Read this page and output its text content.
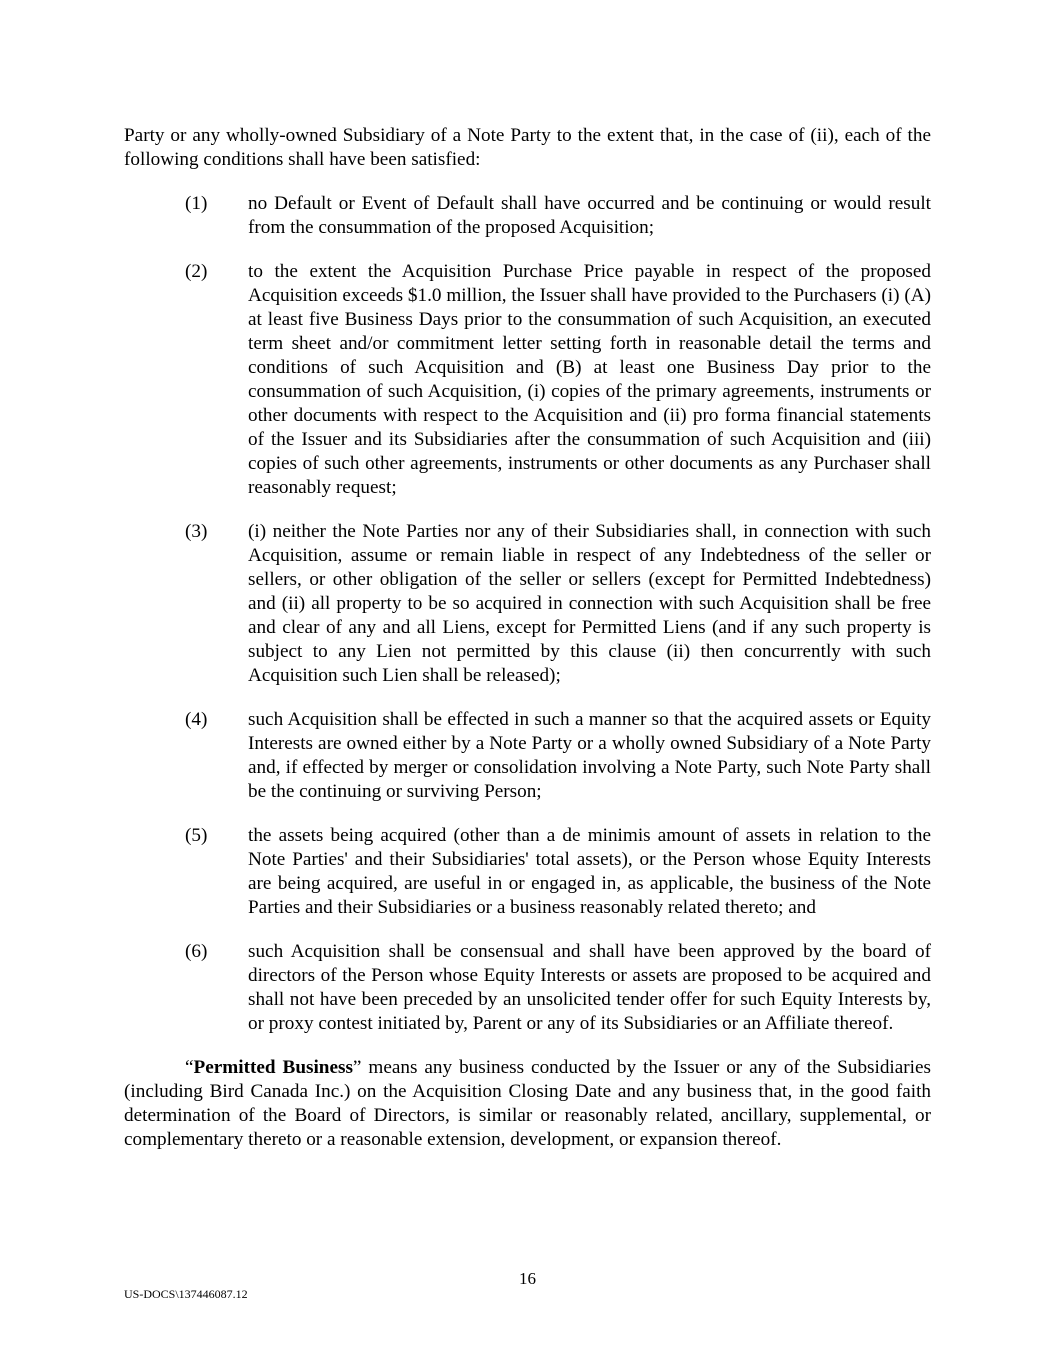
Party or any wholly-owned Subsidiary of a Note Party to the extent that, in the case of (ii), each of the following conditions shall have been satisfied:

(1)	no Default or Event of Default shall have occurred and be continuing or would result from the consummation of the proposed Acquisition;
(2)	to the extent the Acquisition Purchase Price payable in respect of the proposed Acquisition exceeds $1.0 million, the Issuer shall have provided to the Purchasers (i) (A) at least five Business Days prior to the consummation of such Acquisition, an executed term sheet and/or commitment letter setting forth in reasonable detail the terms and conditions of such Acquisition and (B) at least one Business Day prior to the consummation of such Acquisition, (i) copies of the primary agreements, instruments or other documents with respect to the Acquisition and (ii) pro forma financial statements of the Issuer and its Subsidiaries after the consummation of such Acquisition and (iii) copies of such other agreements, instruments or other documents as any Purchaser shall reasonably request;
(3)	(i) neither the Note Parties nor any of their Subsidiaries shall, in connection with such Acquisition, assume or remain liable in respect of any Indebtedness of the seller or sellers, or other obligation of the seller or sellers (except for Permitted Indebtedness) and (ii) all property to be so acquired in connection with such Acquisition shall be free and clear of any and all Liens, except for Permitted Liens (and if any such property is subject to any Lien not permitted by this clause (ii) then concurrently with such Acquisition such Lien shall be released);
(4)	such Acquisition shall be effected in such a manner so that the acquired assets or Equity Interests are owned either by a Note Party or a wholly owned Subsidiary of a Note Party and, if effected by merger or consolidation involving a Note Party, such Note Party shall be the continuing or surviving Person;
(5)	the assets being acquired (other than a de minimis amount of assets in relation to the Note Parties' and their Subsidiaries' total assets), or the Person whose Equity Interests are being acquired, are useful in or engaged in, as applicable, the business of the Note Parties and their Subsidiaries or a business reasonably related thereto; and
(6)	such Acquisition shall be consensual and shall have been approved by the board of directors of the Person whose Equity Interests or assets are proposed to be acquired and shall not have been preceded by an unsolicited tender offer for such Equity Interests by, or proxy contest initiated by, Parent or any of its Subsidiaries or an Affiliate thereof.

“Permitted Business” means any business conducted by the Issuer or any of the Subsidiaries (including Bird Canada Inc.) on the Acquisition Closing Date and any business that, in the good faith determination of the Board of Directors, is similar or reasonably related, ancillary, supplemental, or complementary thereto or a reasonable extension, development, or expansion thereof.

16
US-DOCS\137446087.12
